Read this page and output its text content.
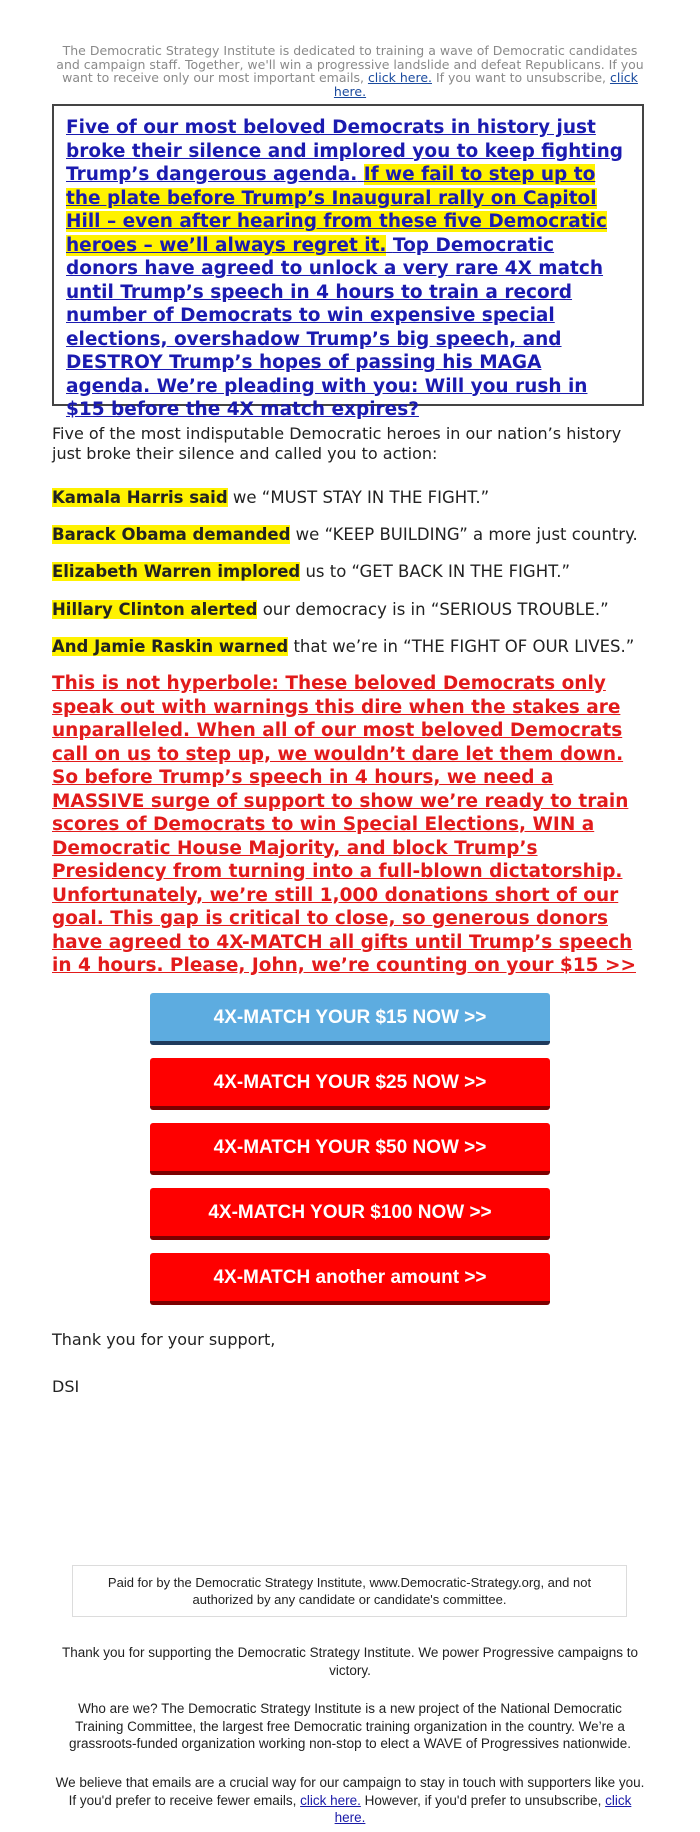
The Democratic Strategy Institute is dedicated to training a wave of Democratic candidates and campaign staff. Together, we'll win a progressive landslide and defeat Republicans. If you want to receive only our most important emails, click here. If you want to unsubscribe, click here.

Five of our most beloved Democrats in history just broke their silence and implored you to keep fighting Trump’s dangerous agenda. If we fail to step up to the plate before Trump’s Inaugural rally on Capitol Hill – even after hearing from these five Democratic heroes – we’ll always regret it. Top Democratic donors have agreed to unlock a very rare 4X match until Trump’s speech in 4 hours to train a record number of Democrats to win expensive special elections, overshadow Trump’s big speech, and DESTROY Trump’s hopes of passing his MAGA agenda. We’re pleading with you: Will you rush in $15 before the 4X match expires?

Five of the most indisputable Democratic heroes in our nation’s history just broke their silence and called you to action:
Kamala Harris said we “MUST STAY IN THE FIGHT.”
Barack Obama demanded we “KEEP BUILDING” a more just country.
Elizabeth Warren implored us to “GET BACK IN THE FIGHT.”
Hillary Clinton alerted our democracy is in “SERIOUS TROUBLE.”
And Jamie Raskin warned that we’re in “THE FIGHT OF OUR LIVES.”

This is not hyperbole: These beloved Democrats only speak out with warnings this dire when the stakes are unparalleled. When all of our most beloved Democrats call on us to step up, we wouldn’t dare let them down. So before Trump’s speech in 4 hours, we need a MASSIVE surge of support to show we’re ready to train scores of Democrats to win Special Elections, WIN a Democratic House Majority, and block Trump’s Presidency from turning into a full-blown dictatorship. Unfortunately, we’re still 1,000 donations short of our goal. This gap is critical to close, so generous donors have agreed to 4X-MATCH all gifts until Trump’s speech in 4 hours. Please, John, we’re counting on your $15 >>

4X-MATCH YOUR $15 NOW >>
4X-MATCH YOUR $25 NOW >>
4X-MATCH YOUR $50 NOW >>
4X-MATCH YOUR $100 NOW >>
4X-MATCH another amount >>
Thank you for your support,
DSI
Paid for by the Democratic Strategy Institute, www.Democratic-Strategy.org, and not authorized by any candidate or candidate's committee.

Thank you for supporting the Democratic Strategy Institute. We power Progressive campaigns to victory.

Who are we? The Democratic Strategy Institute is a new project of the National Democratic Training Committee, the largest free Democratic training organization in the country. We’re a grassroots-funded organization working non-stop to elect a WAVE of Progressives nationwide.

We believe that emails are a crucial way for our campaign to stay in touch with supporters like you. If you'd prefer to receive fewer emails, click here. However, if you'd prefer to unsubscribe, click here.
